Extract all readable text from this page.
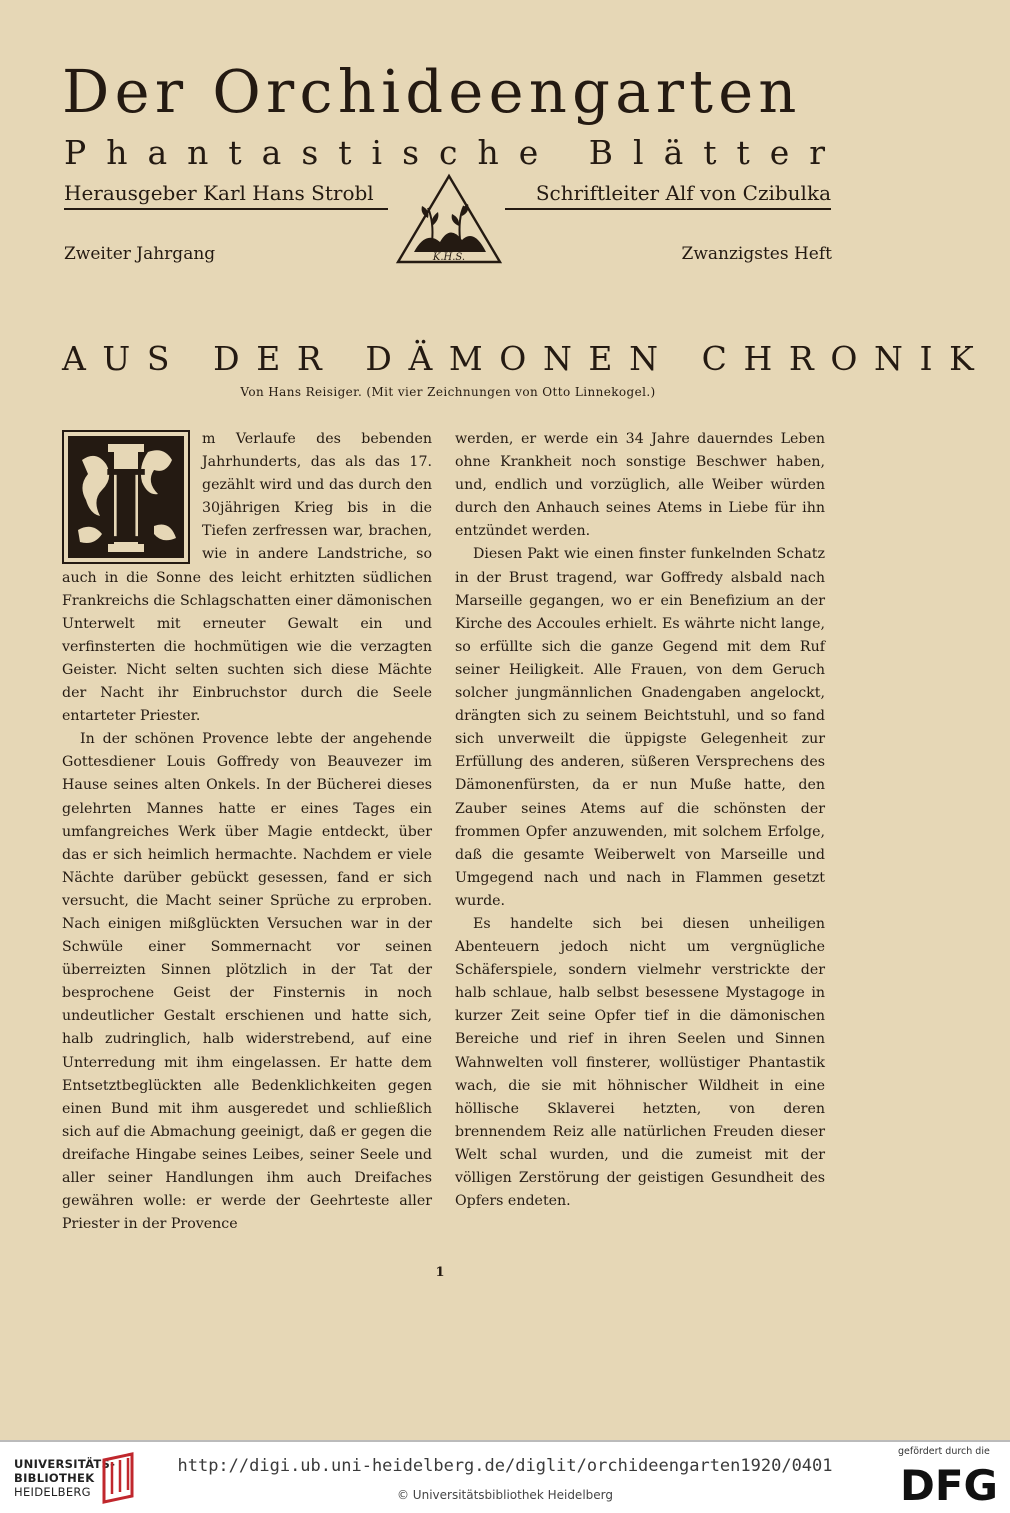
Der Orchideengarten
Phantastische Blätter
Herausgeber Karl Hans Strobl	Schriftleiter Alf von Czibulka
K.H.S.
Zweiter Jahrgang	Zwanzigstes Heft
AUS DER DÄMONEN CHRONIK
Von Hans Reisiger. (Mit vier Zeichnungen von Otto Linnekogel.)
I

m Verlaufe des bebenden Jahrhunderts, das als das 17. gezählt wird und das durch den 30jährigen Krieg bis in die Tiefen zerfressen war, brachen, wie in andere Landstriche, so auch in die Sonne des leicht erhitzten südlichen Frankreichs die Schlagschatten einer dämonischen Unterwelt mit erneuter Gewalt ein und verfinsterten die hochmütigen wie die verzagten Geister. Nicht selten suchten sich diese Mächte der Nacht ihr Einbruchstor durch die Seele entarteter Priester.

In der schönen Provence lebte der angehende Gottesdiener Louis Goffredy von Beauvezer im Hause seines alten Onkels. In der Bücherei dieses gelehrten Mannes hatte er eines Tages ein umfangreiches Werk über Magie entdeckt, über das er sich heimlich hermachte. Nachdem er viele Nächte darüber gebückt gesessen, fand er sich versucht, die Macht seiner Sprüche zu erproben. Nach einigen mißglückten Versuchen war in der Schwüle einer Sommernacht vor seinen überreizten Sinnen plötzlich in der Tat der besprochene Geist der Finsternis in noch undeutlicher Gestalt erschienen und hatte sich, halb zudringlich, halb widerstrebend, auf eine Unterredung mit ihm eingelassen. Er hatte dem Entsetztbeglückten alle Bedenklichkeiten gegen einen Bund mit ihm ausgeredet und schließlich sich auf die Abmachung geeinigt, daß er gegen die dreifache Hingabe seines Leibes, seiner Seele und aller seiner Handlungen ihm auch Dreifaches gewähren wolle: er werde der Geehrteste aller Priester in der Provence

werden, er werde ein 34 Jahre dauerndes Leben ohne Krankheit noch sonstige Beschwer haben, und, endlich und vorzüglich, alle Weiber würden durch den Anhauch seines Atems in Liebe für ihn entzündet werden.

Diesen Pakt wie einen finster funkelnden Schatz in der Brust tragend, war Goffredy alsbald nach Marseille gegangen, wo er ein Benefizium an der Kirche des Accoules erhielt. Es währte nicht lange, so erfüllte sich die ganze Gegend mit dem Ruf seiner Heiligkeit. Alle Frauen, von dem Geruch solcher jungmännlichen Gnadengaben angelockt, drängten sich zu seinem Beichtstuhl, und so fand sich unverweilt die üppigste Gelegenheit zur Erfüllung des anderen, süßeren Versprechens des Dämonenfürsten, da er nun Muße hatte, den Zauber seines Atems auf die schönsten der frommen Opfer anzuwenden, mit solchem Erfolge, daß die gesamte Weiberwelt von Marseille und Umgegend nach und nach in Flammen gesetzt wurde.

Es handelte sich bei diesen unheiligen Abenteuern jedoch nicht um vergnügliche Schäferspiele, sondern vielmehr verstrickte der halb schlaue, halb selbst besessene Mystagoge in kurzer Zeit seine Opfer tief in die dämonischen Bereiche und rief in ihren Seelen und Sinnen Wahnwelten voll finsterer, wollüstiger Phantastik wach, die sie mit höhnischer Wildheit in eine höllische Sklaverei hetzten, von deren brennendem Reiz alle natürlichen Freuden dieser Welt schal wurden, und die zumeist mit der völligen Zerstörung der geistigen Gesundheit des Opfers endeten.

1
UNIVERSITÄTS-
BIBLIOTHEK
HEIDELBERG
http://digi.ub.uni-heidelberg.de/diglit/orchideengarten1920/0401
© Universitätsbibliothek Heidelberg
gefördert durch die
DFG
